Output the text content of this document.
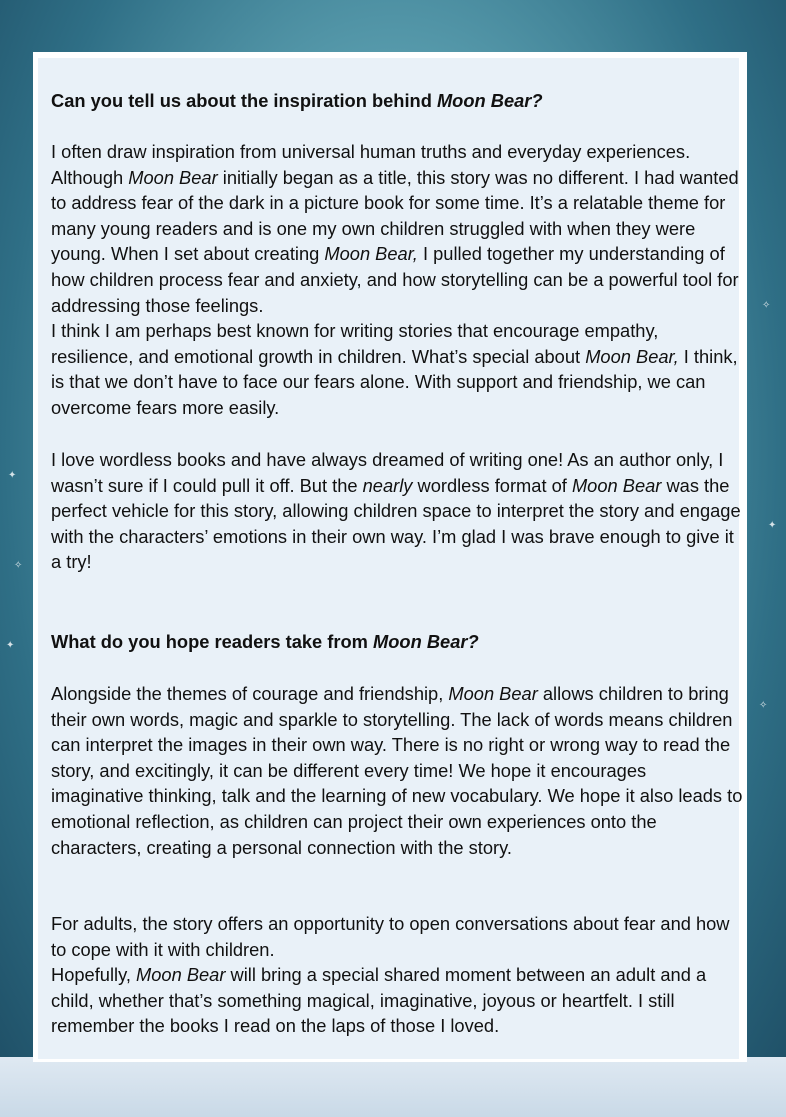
✦
✧
✦
✧
✦
✧
Can you tell us about the inspiration behind Moon Bear?

I often draw inspiration from universal human truths and everyday experiences. Although Moon Bear initially began as a title, this story was no different. I had wanted to address fear of the dark in a picture book for some time. It’s a relatable theme for many young readers and is one my own children struggled with when they were young. When I set about creating Moon Bear, I pulled together my understanding of how children process fear and anxiety, and how storytelling can be a powerful tool for addressing those feelings.

I think I am perhaps best known for writing stories that encourage empathy, resilience, and emotional growth in children. What’s special about Moon Bear, I think, is that we don’t have to face our fears alone. With support and friendship, we can overcome fears more easily.

I love wordless books and have always dreamed of writing one! As an author only, I wasn’t sure if I could pull it off. But the nearly wordless format of Moon Bear was the perfect vehicle for this story, allowing children space to interpret the story and engage with the characters’ emotions in their own way. I’m glad I was brave enough to give it a try!

What do you hope readers take from Moon Bear?

Alongside the themes of courage and friendship, Moon Bear allows children to bring their own words, magic and sparkle to storytelling. The lack of words means children can interpret the images in their own way. There is no right or wrong way to read the story, and excitingly, it can be different every time! We hope it encourages imaginative thinking, talk and the learning of new vocabulary. We hope it also leads to emotional reflection, as children can project their own experiences onto the characters, creating a personal connection with the story.

For adults, the story offers an opportunity to open conversations about fear and how to cope with it with children.

Hopefully, Moon Bear will bring a special shared moment between an adult and a child, whether that’s something magical, imaginative, joyous or heartfelt. I still remember the books I read on the laps of those I loved.
